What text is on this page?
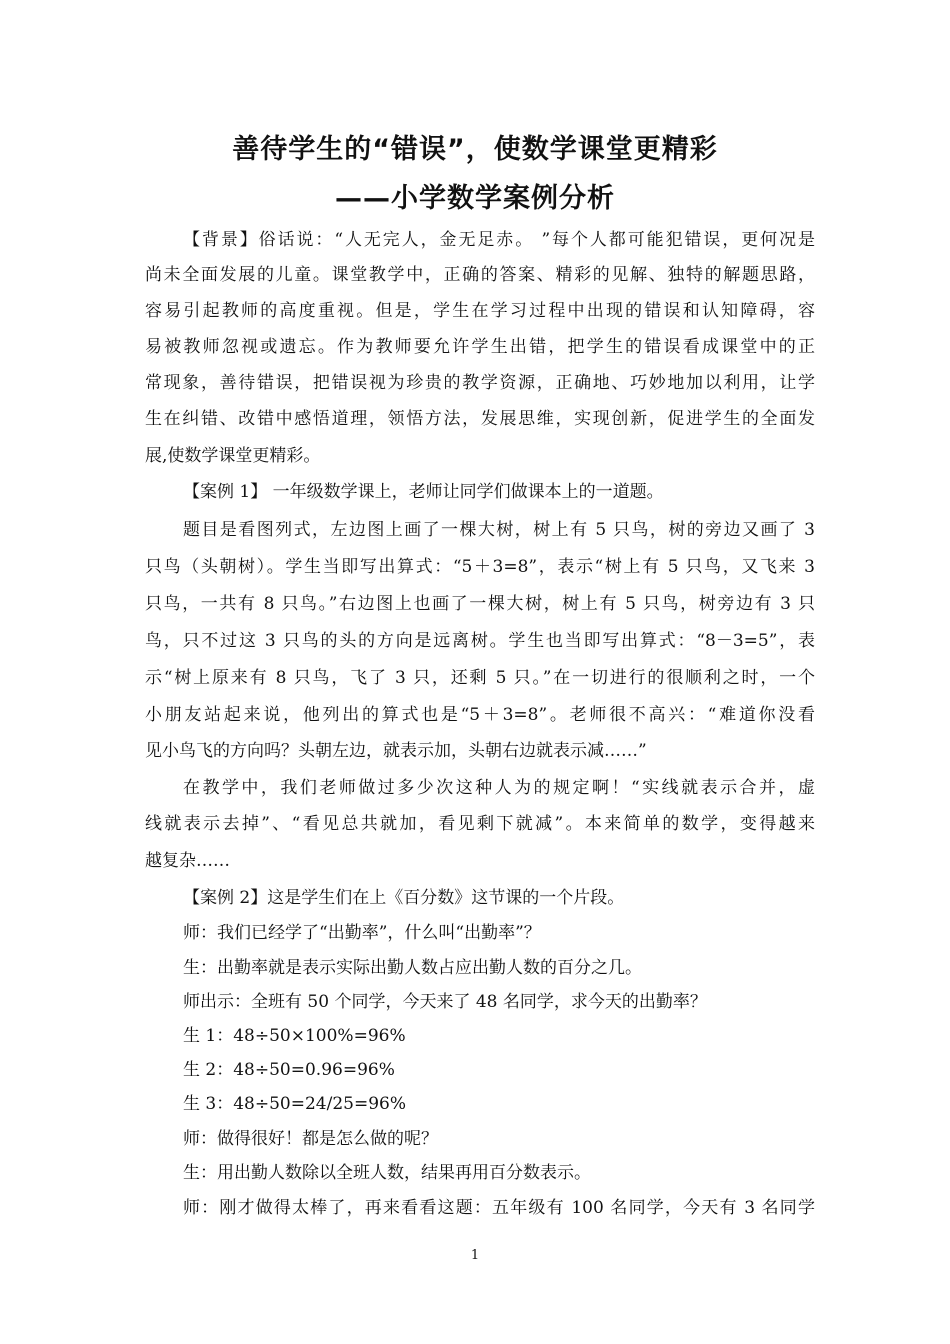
善待学生的“错误”，使数学课堂更精彩
——小学数学案例分析
【背景】俗话说：“人无完人，金无足赤。 ”每个人都可能犯错误，更何况是
尚未全面发展的儿童。课堂教学中，正确的答案、精彩的见解、独特的解题思路，
容易引起教师的高度重视。但是，学生在学习过程中出现的错误和认知障碍，容
易被教师忽视或遗忘。作为教师要允许学生出错，把学生的错误看成课堂中的正
常现象，善待错误，把错误视为珍贵的教学资源，正确地、巧妙地加以利用，让学
生在纠错、改错中感悟道理，领悟方法，发展思维，实现创新，促进学生的全面发
展,使数学课堂更精彩。
【案例 1】 一年级数学课上，老师让同学们做课本上的一道题。
题目是看图列式，左边图上画了一棵大树，树上有 5 只鸟，树的旁边又画了 3
只鸟（头朝树）。学生当即写出算式：“5＋3=8”，表示“树上有 5 只鸟，又飞来 3
只鸟，一共有 8 只鸟。”右边图上也画了一棵大树，树上有 5 只鸟，树旁边有 3 只
鸟，只不过这 3 只鸟的头的方向是远离树。学生也当即写出算式：“8－3=5”，表
示“树上原来有 8 只鸟，飞了 3 只，还剩 5 只。”在一切进行的很顺利之时，一个
小朋友站起来说，他列出的算式也是“5＋3=8”。老师很不高兴：“难道你没看
见小鸟飞的方向吗？头朝左边，就表示加，头朝右边就表示减……”
在教学中，我们老师做过多少次这种人为的规定啊！“实线就表示合并，虚
线就表示去掉”、“看见总共就加，看见剩下就减”。本来简单的数学，变得越来
越复杂……
【案例 2】这是学生们在上《百分数》这节课的一个片段。
师：我们已经学了“出勤率”，什么叫“出勤率”？
生：出勤率就是表示实际出勤人数占应出勤人数的百分之几。
师出示：全班有 50 个同学，今天来了 48 名同学，求今天的出勤率？
生 1：48÷50×100%=96%
生 2：48÷50=0.96=96%
生 3：48÷50=24/25=96%
师：做得很好！都是怎么做的呢？
生：用出勤人数除以全班人数，结果再用百分数表示。
师：刚才做得太棒了，再来看看这题：五年级有 100 名同学，今天有 3 名同学
1
